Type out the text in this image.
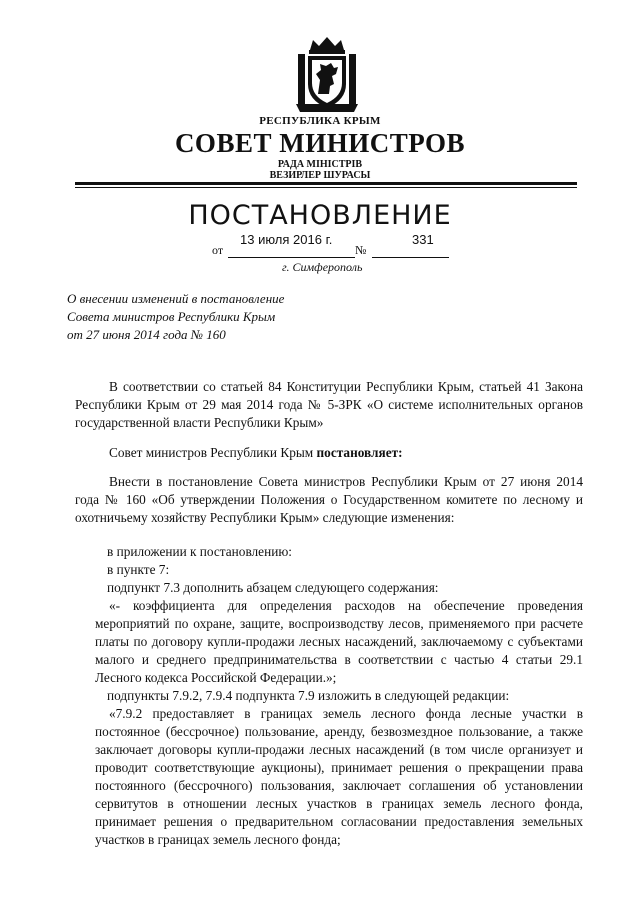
РЕСПУБЛИКА КРЫМ
СОВЕТ МИНИСТРОВ
РАДА МІНІСТРІВ
ВЕЗИРЛЕР ШУРАСЫ
ПОСТАНОВЛЕНИЕ
от
13 июля 2016 г.
№
331
г. Симферополь
О внесении изменений в постановление
Совета министров Республики Крым
от 27 июня 2014 года № 160
В соответствии со статьей 84 Конституции Республики Крым, статьей 41 Закона Республики Крым от 29 мая 2014 года № 5-ЗРК «О системе исполнительных органов государственной власти Республики Крым»
Совет министров Республики Крым постановляет:
Внести в постановление Совета министров Республики Крым от 27 июня 2014 года № 160 «Об утверждении Положения о Государственном комитете по лесному и охотничьему хозяйству Республики Крым» следующие изменения:
в приложении к постановлению:
в пункте 7:
подпункт 7.3 дополнить абзацем следующего содержания:
«- коэффициента для определения расходов на обеспечение проведения мероприятий по охране, защите, воспроизводству лесов, применяемого при расчете платы по договору купли-продажи лесных насаждений, заключаемому с субъектами малого и среднего предпринимательства в соответствии с частью 4 статьи 29.1 Лесного кодекса Российской Федерации.»;
подпункты 7.9.2, 7.9.4 подпункта 7.9 изложить в следующей редакции:
«7.9.2 предоставляет в границах земель лесного фонда лесные участки в постоянное (бессрочное) пользование, аренду, безвозмездное пользование, а также заключает договоры купли-продажи лесных насаждений (в том числе организует и проводит соответствующие аукционы), принимает решения о прекращении права постоянного (бессрочного) пользования, заключает соглашения об установлении сервитутов в отношении лесных участков в границах земель лесного фонда, принимает решения о предварительном согласовании предоставления земельных участков в границах земель лесного фонда;
